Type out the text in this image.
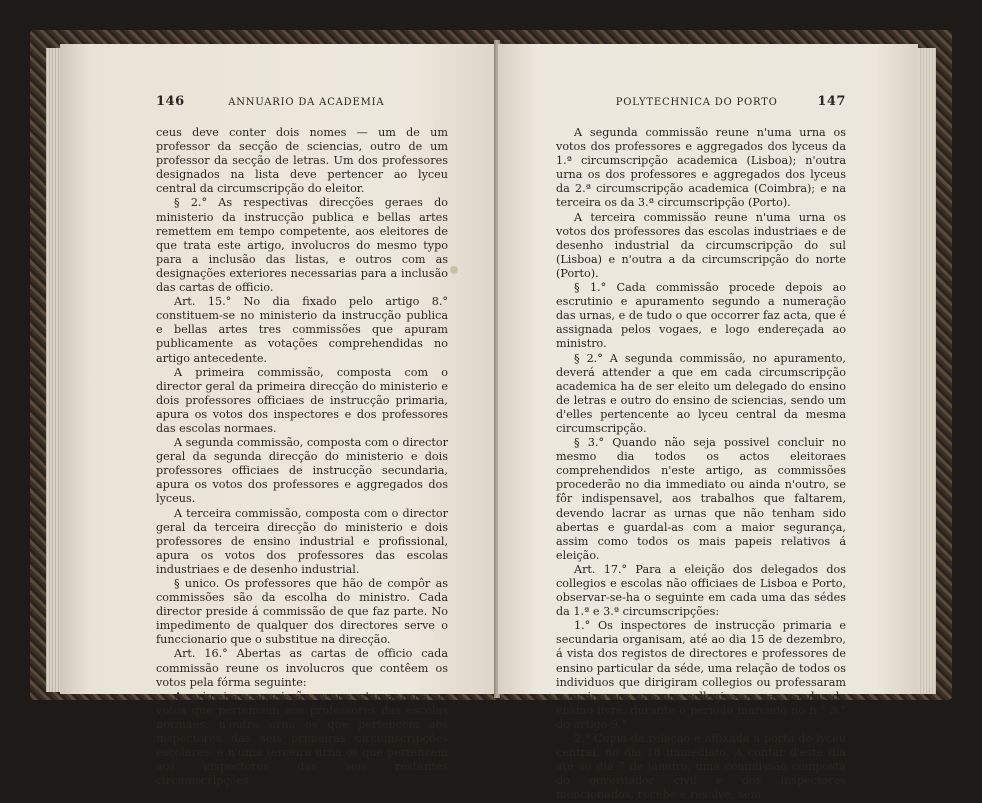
146	ANNUARIO DA ACADEMIA

ceus deve conter dois nomes — um de um professor da secção de sciencias, outro de um professor da secção de letras. Um dos professores designados na lista deve pertencer ao lyceu central da circumscripção do eleitor.

§ 2.° As respectivas direcções geraes do ministerio da instrucção publica e bellas artes remettem em tempo competente, aos eleitores de que trata este artigo, involucros do mesmo typo para a inclusão das listas, e outros com as designações exteriores necessarias para a inclusão das cartas de officio.

Art. 15.° No dia fixado pelo artigo 8.° constituem-se no ministerio da instrucção publica e bellas artes tres commissões que apuram publicamente as votações comprehendidas no artigo antecedente.

A primeira commissão, composta com o director geral da primeira direcção do ministerio e dois professores officiaes de instrucção primaria, apura os votos dos inspectores e dos professores das escolas normaes.

A segunda commissão, composta com o director geral da segunda direcção do ministerio e dois professores officiaes de instrucção secundaria, apura os votos dos professores e aggregados dos lyceus.

A terceira commissão, composta com o director geral da terceira direcção do ministerio e dois professores de ensino industrial e profissional, apura os votos dos professores das escolas industriaes e de desenho industrial.

§ unico. Os professores que hão de compôr as commissões são da escolha do ministro. Cada director preside á commissão de que faz parte. No impedimento de qualquer dos directores serve o funccionario que o substitue na direcção.

Art. 16.° Abertas as cartas de officio cada commissão reune os involucros que contêem os votos pela fórma seguinte:

A primeira commissão reune n'uma urna os votos que pertencem aos professores das escolas normaes; n'outra urna os que pertencem aos inspectores das seis primeiras circumscripções escolares; e n'uma terceira urna os que pertencem aos inspectores das seis restantes circumscripções.

POLYTECHNICA DO PORTO	147

A segunda commissão reune n'uma urna os votos dos professores e aggregados dos lyceus da 1.ª circumscripção academica (Lisboa); n'outra urna os dos professores e aggregados dos lyceus da 2.ª circumscripção academica (Coimbra); e na terceira os da 3.ª circumscripção (Porto).

A terceira commissão reune n'uma urna os votos dos professores das escolas industriaes e de desenho industrial da circumscripção do sul (Lisboa) e n'outra a da circumscripção do norte (Porto).

§ 1.° Cada commissão procede depois ao escrutinio e apuramento segundo a numeração das urnas, e de tudo o que occorrer faz acta, que é assignada pelos vogaes, e logo endereçada ao ministro.

§ 2.° A segunda commissão, no apuramento, deverá attender a que em cada circumscripção academica ha de ser eleito um delegado do ensino de letras e outro do ensino de sciencias, sendo um d'elles pertencente ao lyceu central da mesma circumscripção.

§ 3.° Quando não seja possivel concluir no mesmo dia todos os actos eleitoraes comprehendidos n'este artigo, as commissões procederão no dia immediato ou ainda n'outro, se fôr indispensavel, aos trabalhos que faltarem, devendo lacrar as urnas que não tenham sido abertas e guardal-as com a maior segurança, assim como todos os mais papeis relativos á eleição.

Art. 17.° Para a eleição dos delegados dos collegios e escolas não officiaes de Lisboa e Porto, observar-se-ha o seguinte em cada uma das sédes da 1.ª e 3.ª circumscripções:

1.° Os inspectores de instrucção primaria e secundaria organisam, até ao dia 15 de dezembro, á vista dos registos de directores e professores de ensino particular da séde, uma relação de todos os individuos que dirigiram collegios ou professaram o ensino nos mesmos collegios ou nas escolas de ensino livre, durante o periodo marcado no n.° 3.° do artigo 9.°

2.° Copia da relação é affixada á porta do lyceu central, no dia 18 immediato. A contar d'este dia até ao dia 7 de janeiro, uma commissão composta do governador civil e dos inspectores mencionados, recebe e resolve, sem
